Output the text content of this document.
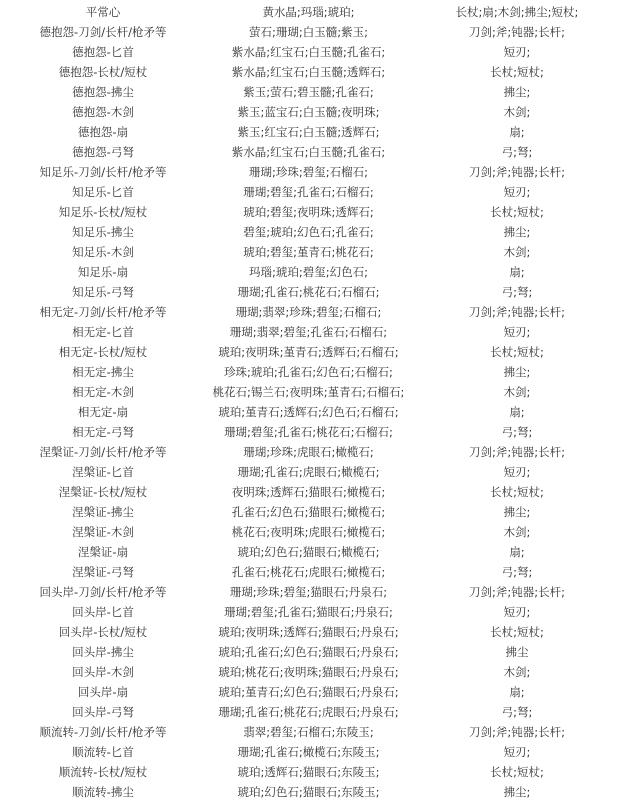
平常心	黄水晶;玛瑙;琥珀;	长杖;扇;木剑;拂尘;短杖;
德抱怨-刀剑/长杆/枪矛等	萤石;珊瑚;白玉髓;紫玉;	刀剑;斧;钝器;长杆;
德抱怨-匕首	紫水晶;红宝石;白玉髓;孔雀石;	短刃;
德抱怨-长杖/短杖	紫水晶;红宝石;白玉髓;透辉石;	长杖;短杖;
德抱怨-拂尘	紫玉;萤石;碧玉髓;孔雀石;	拂尘;
德抱怨-木剑	紫玉;蓝宝石;白玉髓;夜明珠;	木剑;
德抱怨-扇	紫玉;红宝石;白玉髓;透辉石;	扇;
德抱怨-弓弩	紫水晶;红宝石;白玉髓;孔雀石;	弓;弩;
知足乐-刀剑/长杆/枪矛等	珊瑚;珍珠;碧玺;石榴石;	刀剑;斧;钝器;长杆;
知足乐-匕首	珊瑚;碧玺;孔雀石;石榴石;	短刃;
知足乐-长杖/短杖	琥珀;碧玺;夜明珠;透辉石;	长杖;短杖;
知足乐-拂尘	碧玺;琥珀;幻色石;孔雀石;	拂尘;
知足乐-木剑	琥珀;碧玺;堇青石;桃花石;	木剑;
知足乐-扇	玛瑙;琥珀;碧玺;幻色石;	扇;
知足乐-弓弩	珊瑚;孔雀石;桃花石;石榴石;	弓;弩;
相无定-刀剑/长杆/枪矛等	珊瑚;翡翠;珍珠;碧玺;石榴石;	刀剑;斧;钝器;长杆;
相无定-匕首	珊瑚;翡翠;碧玺;孔雀石;石榴石;	短刃;
相无定-长杖/短杖	琥珀;夜明珠;堇青石;透辉石;石榴石;	长杖;短杖;
相无定-拂尘	珍珠;琥珀;孔雀石;幻色石;石榴石;	拂尘;
相无定-木剑	桃花石;锡兰石;夜明珠;堇青石;石榴石;	木剑;
相无定-扇	琥珀;堇青石;透辉石;幻色石;石榴石;	扇;
相无定-弓弩	珊瑚;碧玺;孔雀石;桃花石;石榴石;	弓;弩;
涅槃证-刀剑/长杆/枪矛等	珊瑚;珍珠;虎眼石;橄榄石;	刀剑;斧;钝器;长杆;
涅槃证-匕首	珊瑚;孔雀石;虎眼石;橄榄石;	短刃;
涅槃证-长杖/短杖	夜明珠;透辉石;猫眼石;橄榄石;	长杖;短杖;
涅槃证-拂尘	孔雀石;幻色石;猫眼石;橄榄石;	拂尘;
涅槃证-木剑	桃花石;夜明珠;虎眼石;橄榄石;	木剑;
涅槃证-扇	琥珀;幻色石;猫眼石;橄榄石;	扇;
涅槃证-弓弩	孔雀石;桃花石;虎眼石;橄榄石;	弓;弩;
回头岸-刀剑/长杆/枪矛等	珊瑚;珍珠;碧玺;猫眼石;丹泉石;	刀剑;斧;钝器;长杆;
回头岸-匕首	珊瑚;碧玺;孔雀石;猫眼石;丹泉石;	短刃;
回头岸-长杖/短杖	琥珀;夜明珠;透辉石;猫眼石;丹泉石;	长杖;短杖;
回头岸-拂尘	琥珀;孔雀石;幻色石;猫眼石;丹泉石;	拂尘
回头岸-木剑	琥珀;桃花石;夜明珠;猫眼石;丹泉石;	木剑;
回头岸-扇	琥珀;堇青石;幻色石;猫眼石;丹泉石;	扇;
回头岸-弓弩	珊瑚;孔雀石;桃花石;虎眼石;丹泉石;	弓;弩;
顺流转-刀剑/长杆/枪矛等	翡翠;碧玺;石榴石;东陵玉;	刀剑;斧;钝器;长杆;
顺流转-匕首	珊瑚;孔雀石;橄榄石;东陵玉;	短刃;
顺流转-长杖/短杖	琥珀;透辉石;猫眼石;东陵玉;	长杖;短杖;
顺流转-拂尘	琥珀;幻色石;猫眼石;东陵玉;	拂尘;
